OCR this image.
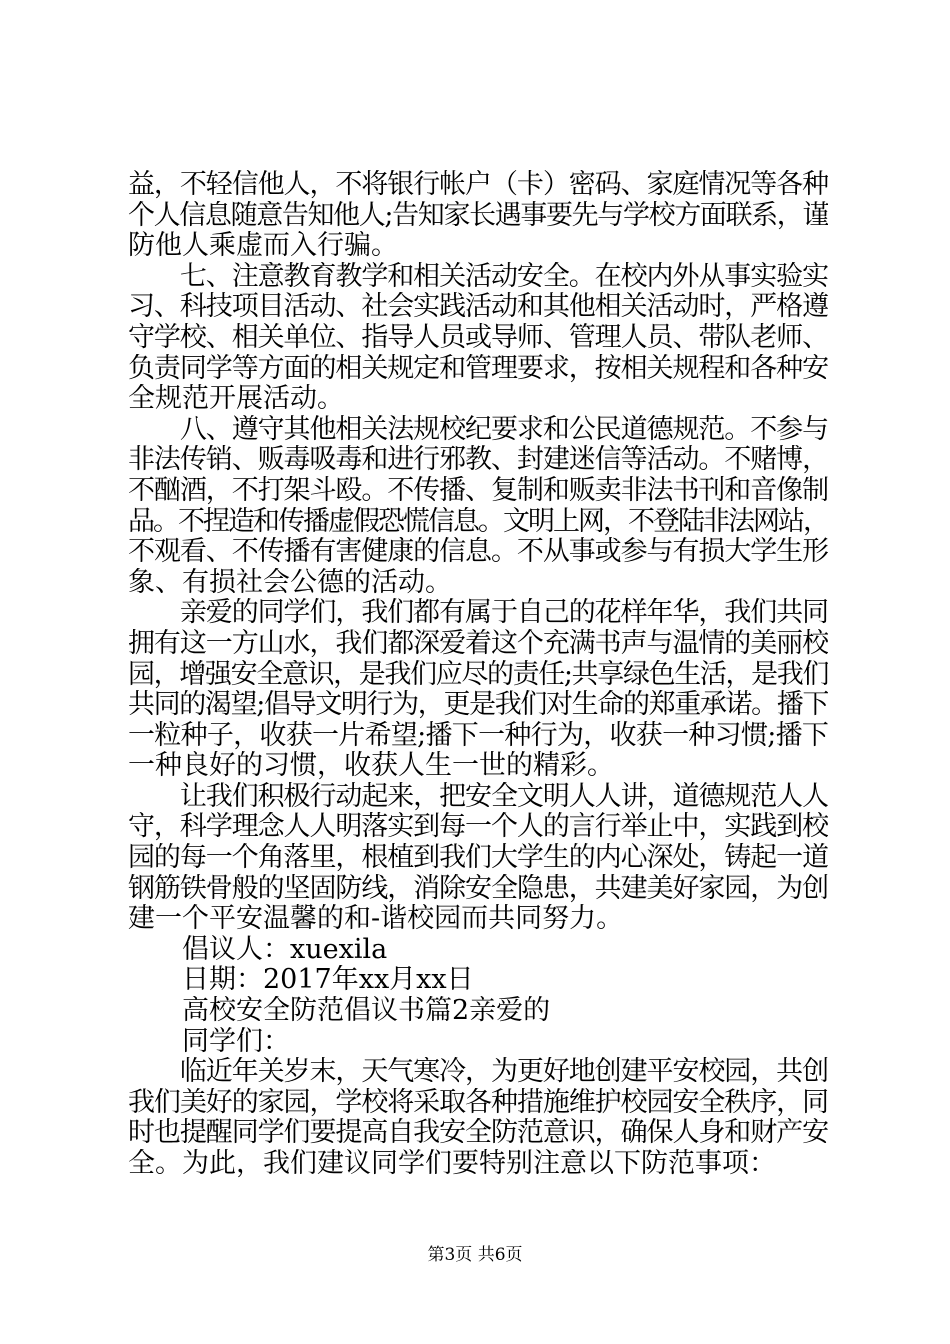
益，不轻信他人，不将银行帐户（卡）密码、家庭情况等各种
个人信息随意告知他人;告知家长遇事要先与学校方面联系，谨
防他人乘虚而入行骗。
　　七、注意教育教学和相关活动安全。在校内外从事实验实
习、科技项目活动、社会实践活动和其他相关活动时，严格遵
守学校、相关单位、指导人员或导师、管理人员、带队老师、
负责同学等方面的相关规定和管理要求，按相关规程和各种安
全规范开展活动。
　　八、遵守其他相关法规校纪要求和公民道德规范。不参与
非法传销、贩毒吸毒和进行邪教、封建迷信等活动。不赌博，
不酗酒，不打架斗殴。不传播、复制和贩卖非法书刊和音像制
品。不捏造和传播虚假恐慌信息。文明上网，不登陆非法网站，
不观看、不传播有害健康的信息。不从事或参与有损大学生形
象、有损社会公德的活动。
　　亲爱的同学们，我们都有属于自己的花样年华，我们共同
拥有这一方山水，我们都深爱着这个充满书声与温情的美丽校
园，增强安全意识，是我们应尽的责任;共享绿色生活，是我们
共同的渴望;倡导文明行为，更是我们对生命的郑重承诺。播下
一粒种子，收获一片希望;播下一种行为，收获一种习惯;播下
一种良好的习惯，收获人生一世的精彩。
　　让我们积极行动起来，把安全文明人人讲，道德规范人人
守，科学理念人人明落实到每一个人的言行举止中，实践到校
园的每一个角落里，根植到我们大学生的内心深处，铸起一道
钢筋铁骨般的坚固防线，消除安全隐患，共建美好家园，为创
建一个平安温馨的和-谐校园而共同努力。
　　倡议人：xuexila
　　日期：2017年xx月xx日
　　高校安全防范倡议书篇2亲爱的
　　同学们：
　　临近年关岁末，天气寒冷，为更好地创建平安校园，共创
我们美好的家园，学校将采取各种措施维护校园安全秩序，同
时也提醒同学们要提高自我安全防范意识，确保人身和财产安
全。为此，我们建议同学们要特别注意以下防范事项：
第3页 共6页
